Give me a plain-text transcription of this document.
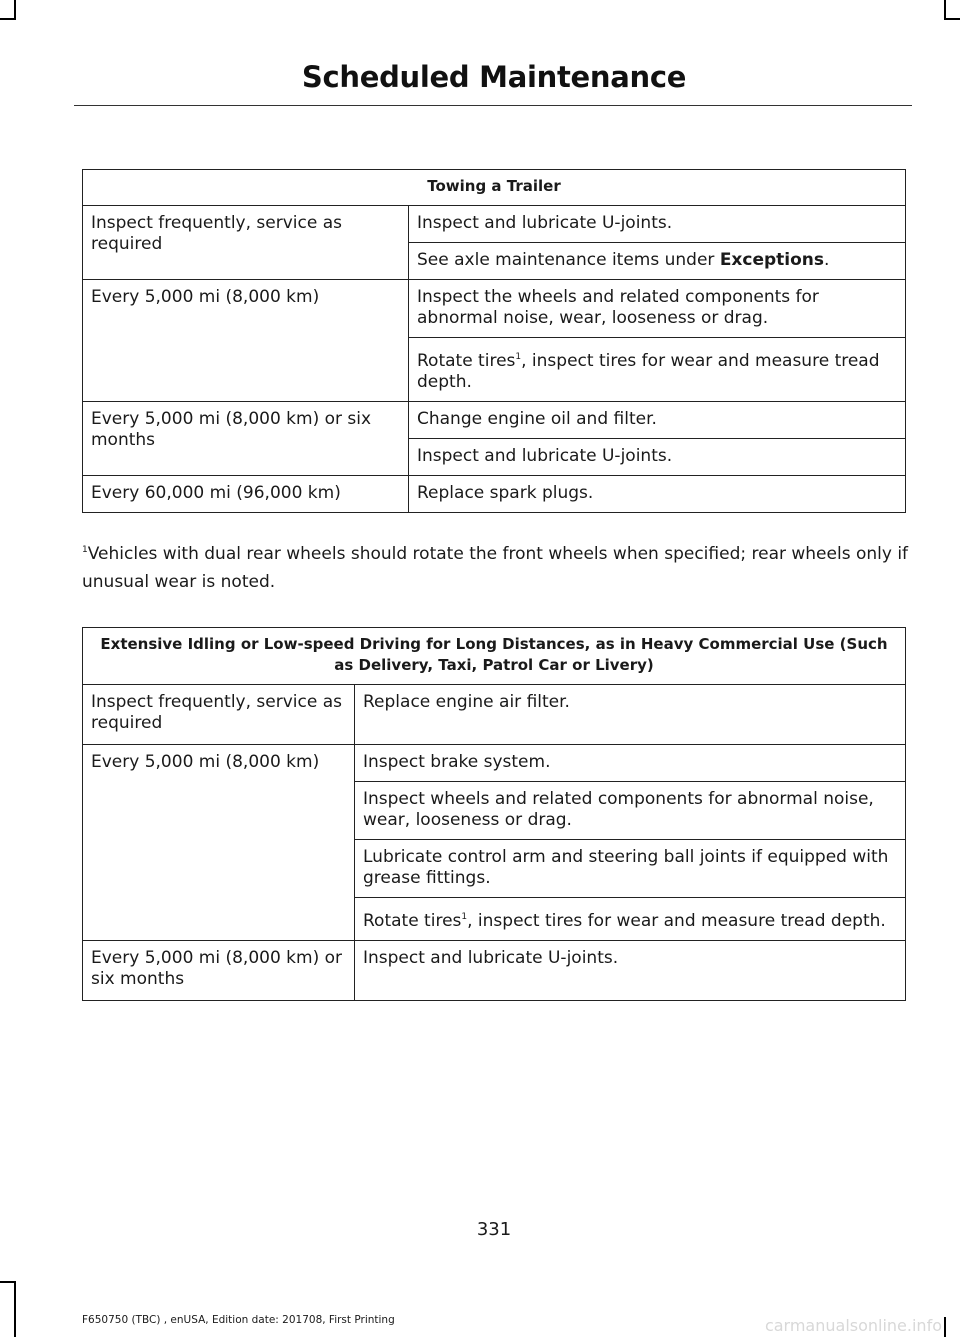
Scheduled Maintenance
Towing a Trailer	
Inspect frequently, service as required	Inspect and lubricate U-joints.
	See axle maintenance items under Exceptions.
Every 5,000 mi (8,000 km)	Inspect the wheels and related components for abnormal noise, wear, looseness or drag.
	Rotate tires$^1$, inspect tires for wear and measure tread depth.
Every 5,000 mi (8,000 km) or six months	Change engine oil and filter.
	Inspect and lubricate U-joints.
Every 60,000 mi (96,000 km)	Replace spark plugs.
$^1$Vehicles with dual rear wheels should rotate the front wheels when specified; rear wheels only if unusual wear is noted.
Extensive Idling or Low-speed Driving for Long Distances, as in Heavy Commercial Use (Such as Delivery, Taxi, Patrol Car or Livery)	
Inspect frequently, service as required	Replace engine air filter.
Every 5,000 mi (8,000 km)	Inspect brake system.
	Inspect wheels and related components for abnormal noise, wear, looseness or drag.
	Lubricate control arm and steering ball joints if equipped with grease fittings.
	Rotate tires$^1$, inspect tires for wear and measure tread depth.
Every 5,000 mi (8,000 km) or six months	Inspect and lubricate U-joints.
331
F650750 (TBC) , enUSA, Edition date: 201708, First Printing	carmanualsonline.info
